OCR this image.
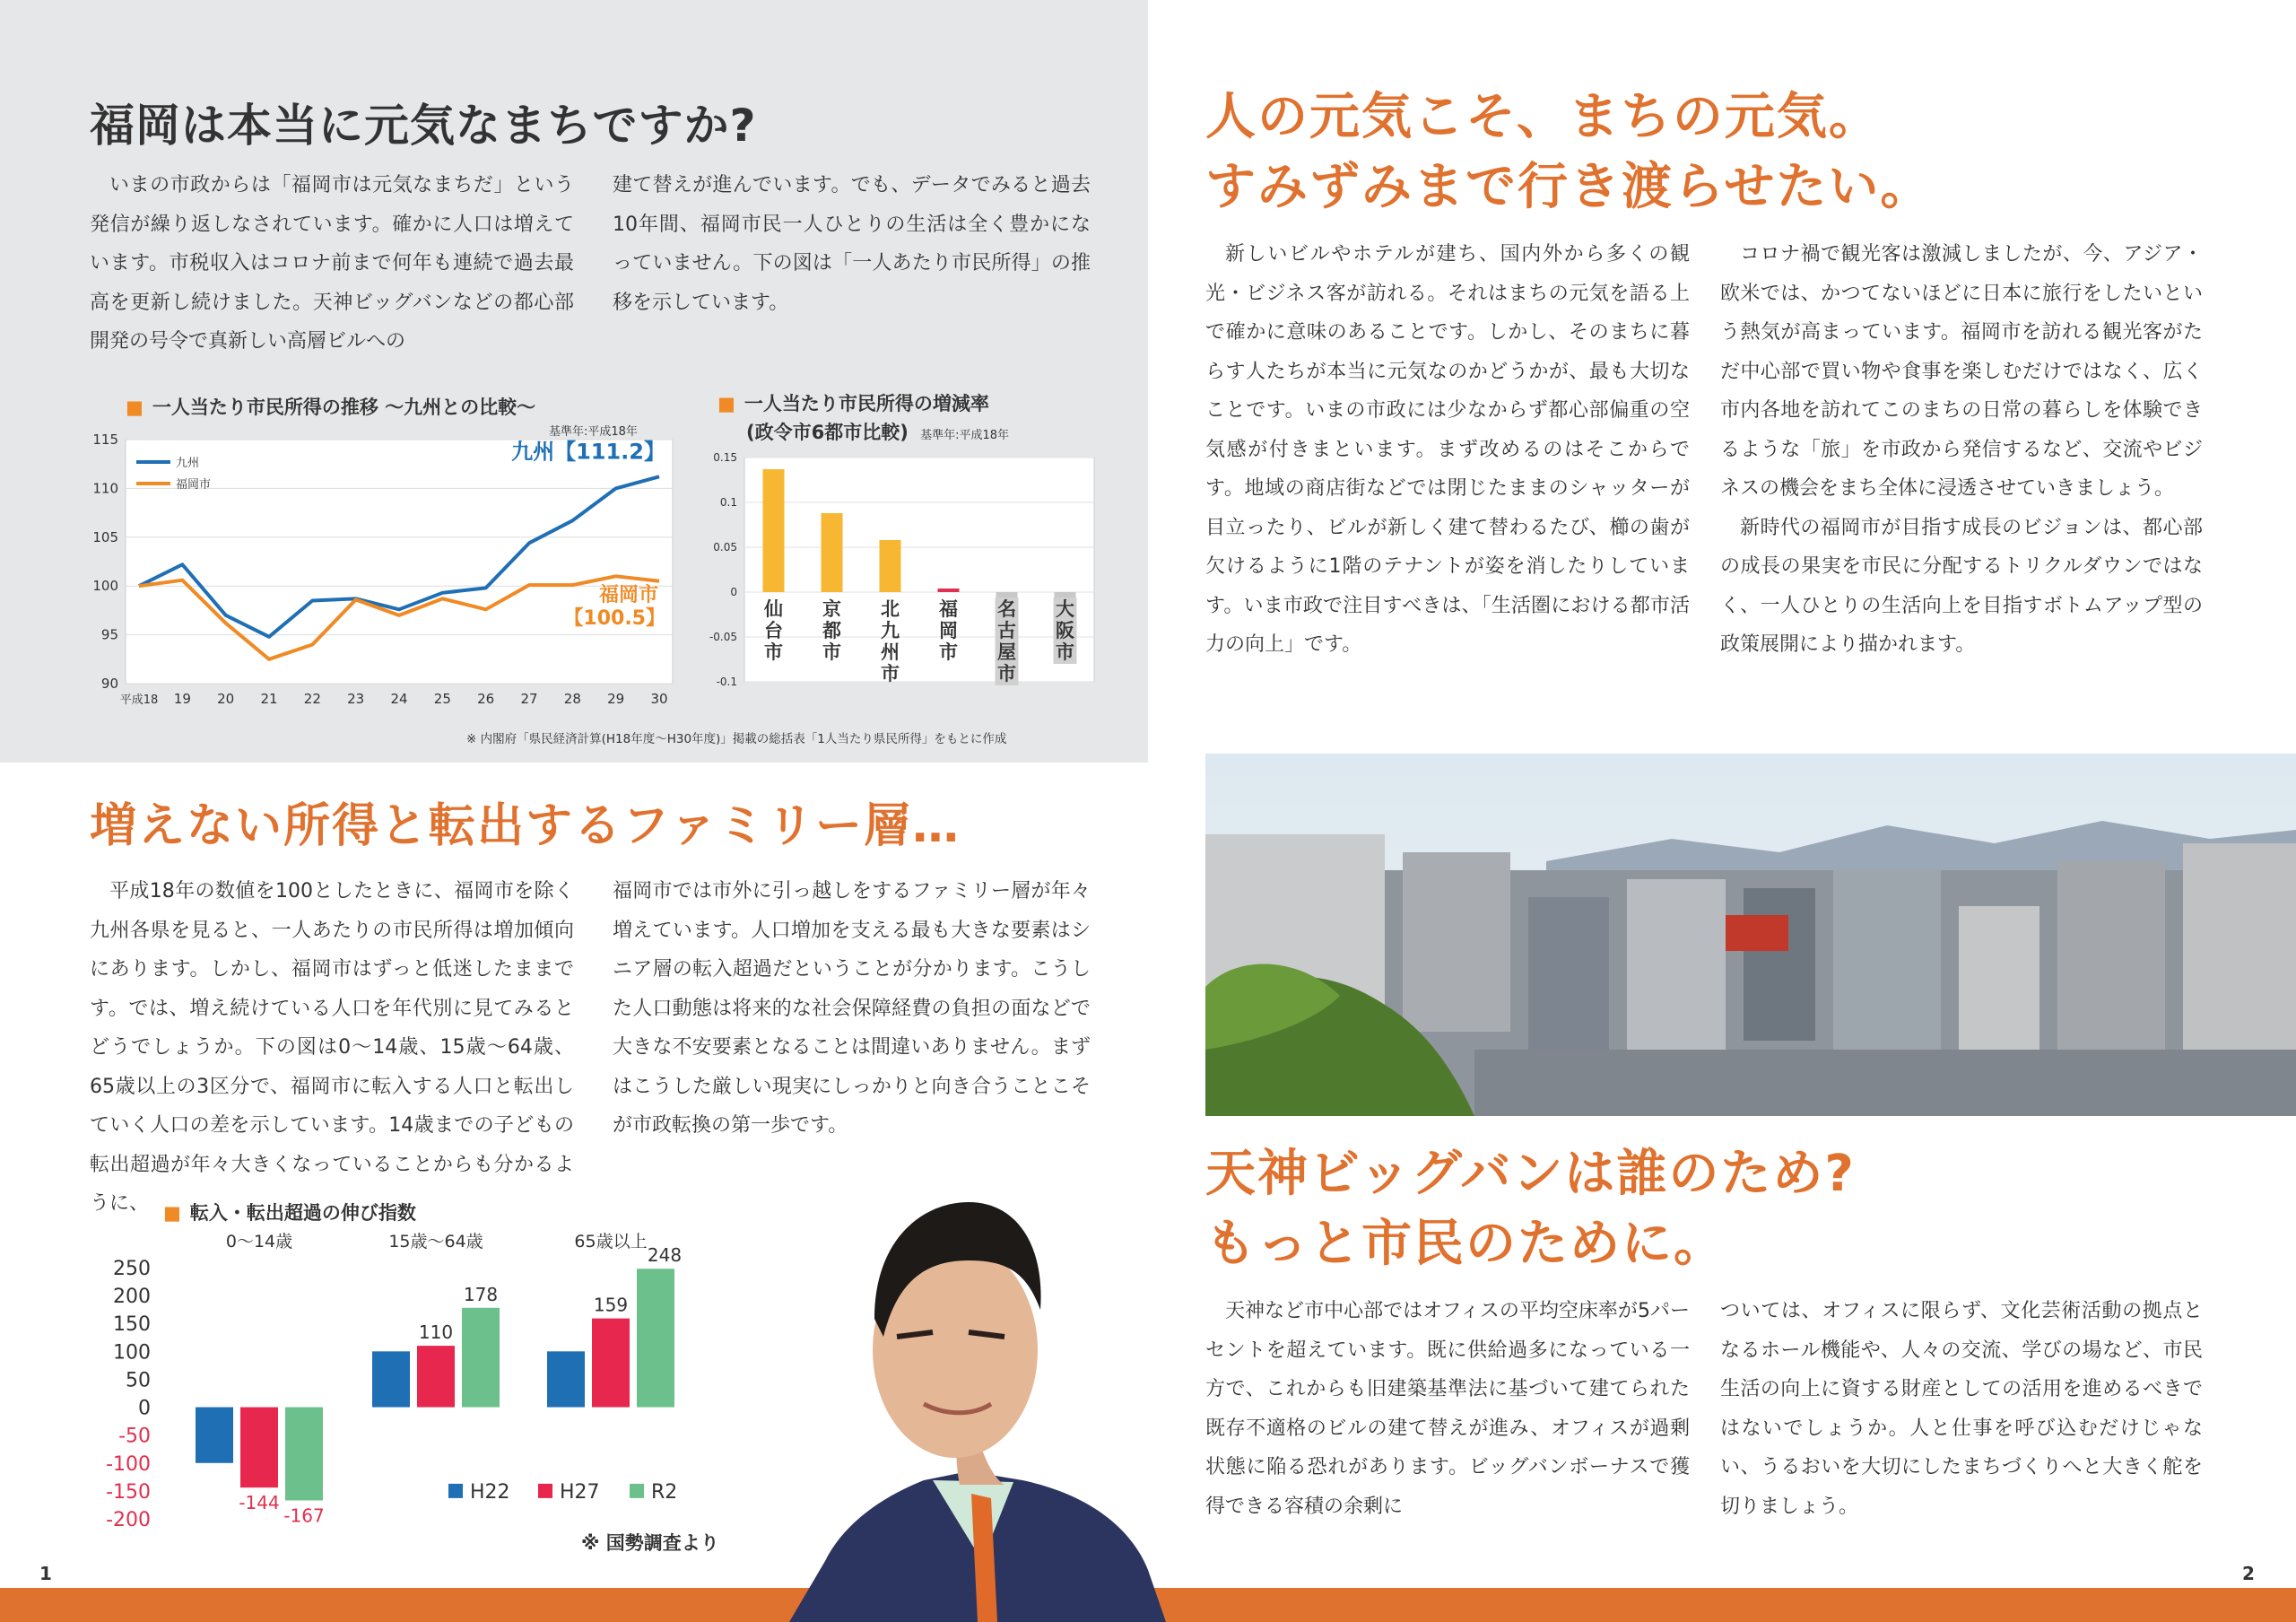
福岡は本当に元気なまちですか?

いまの市政からは「福岡市は元気なまちだ」という発信が繰り返しなされています。確かに人口は増えています。市税収入はコロナ前まで何年も連続で過去最高を更新し続けました。天神ビッグバンなどの都心部開発の号令で真新しい高層ビルへの

建て替えが進んでいます。でも、データでみると過去10年間、福岡市民一人ひとりの生活は全く豊かになっていません。下の図は「一人あたり市民所得」の推移を示しています。

■ 一人当たり市民所得の推移 〜九州との比較〜
基準年:平成18年
90
95
100
105
110
115
平成18 19 20 21 22 23 24 25 26 27 28 29 30
九州
福岡市
九州【111.2】
福岡市
【100.5】
■ 一人当たり市民所得の増減率
(政令市6都市比較) 基準年:平成18年
-0.1
-0.05
0
0.05
0.1
0.15
仙
台
市
京
都
市
北
九
州
市
福
岡
市
名
古
屋
市
大
阪
市
※ 内閣府「県民経済計算(H18年度〜H30年度)」掲載の総括表「1人当たり県民所得」をもとに作成
増えない所得と転出するファミリー層…

平成18年の数値を100としたときに、福岡市を除く九州各県を見ると、一人あたりの市民所得は増加傾向にあります。しかし、福岡市はずっと低迷したままです。では、増え続けている人口を年代別に見てみるとどうでしょうか。下の図は0〜14歳、15歳〜64歳、65歳以上の3区分で、福岡市に転入する人口と転出していく人口の差を示しています。14歳までの子どもの転出超過が年々大きくなっていることからも分かるように、

福岡市では市外に引っ越しをするファミリー層が年々増えています。人口増加を支える最も大きな要素はシニア層の転入超過だということが分かります。こうした人口動態は将来的な社会保障経費の負担の面などで大きな不安要素となることは間違いありません。まずはこうした厳しい現実にしっかりと向き合うことこそが市政転換の第一歩です。

■ 転入・転出超過の伸び指数
-200
-150
-100
-50
0
50
100
150
200
250
0〜14歳
-144
-167
15歳〜64歳
110
178
65歳以上
159
248
H22	H27	R2
※ 国勢調査より
1	2
人の元気こそ、まちの元気。
すみずみまで行き渡らせたい。

新しいビルやホテルが建ち、国内外から多くの観光・ビジネス客が訪れる。それはまちの元気を語る上で確かに意味のあることです。しかし、そのまちに暮らす人たちが本当に元気なのかどうかが、最も大切なことです。いまの市政には少なからず都心部偏重の空気感が付きまといます。まず改めるのはそこからです。地域の商店街などでは閉じたままのシャッターが目立ったり、ビルが新しく建て替わるたび、櫛の歯が欠けるように1階のテナントが姿を消したりしています。いま市政で注目すべきは、「生活圏における都市活力の向上」です。

コロナ禍で観光客は激減しましたが、今、アジア・欧米では、かつてないほどに日本に旅行をしたいという熱気が高まっています。福岡市を訪れる観光客がただ中心部で買い物や食事を楽しむだけではなく、広く市内各地を訪れてこのまちの日常の暮らしを体験できるような「旅」を市政から発信するなど、交流やビジネスの機会をまち全体に浸透させていきましょう。

新時代の福岡市が目指す成長のビジョンは、都心部の成長の果実を市民に分配するトリクルダウンではなく、一人ひとりの生活向上を目指すボトムアップ型の政策展開により描かれます。

天神ビッグバンは誰のため?
もっと市民のために。

天神など市中心部ではオフィスの平均空床率が5パーセントを超えています。既に供給過多になっている一方で、これからも旧建築基準法に基づいて建てられた既存不適格のビルの建て替えが進み、オフィスが過剰状態に陥る恐れがあります。ビッグバンボーナスで獲得できる容積の余剰に

ついては、オフィスに限らず、文化芸術活動の拠点となるホール機能や、人々の交流、学びの場など、市民生活の向上に資する財産としての活用を進めるべきではないでしょうか。人と仕事を呼び込むだけじゃない、うるおいを大切にしたまちづくりへと大きく舵を切りましょう。
